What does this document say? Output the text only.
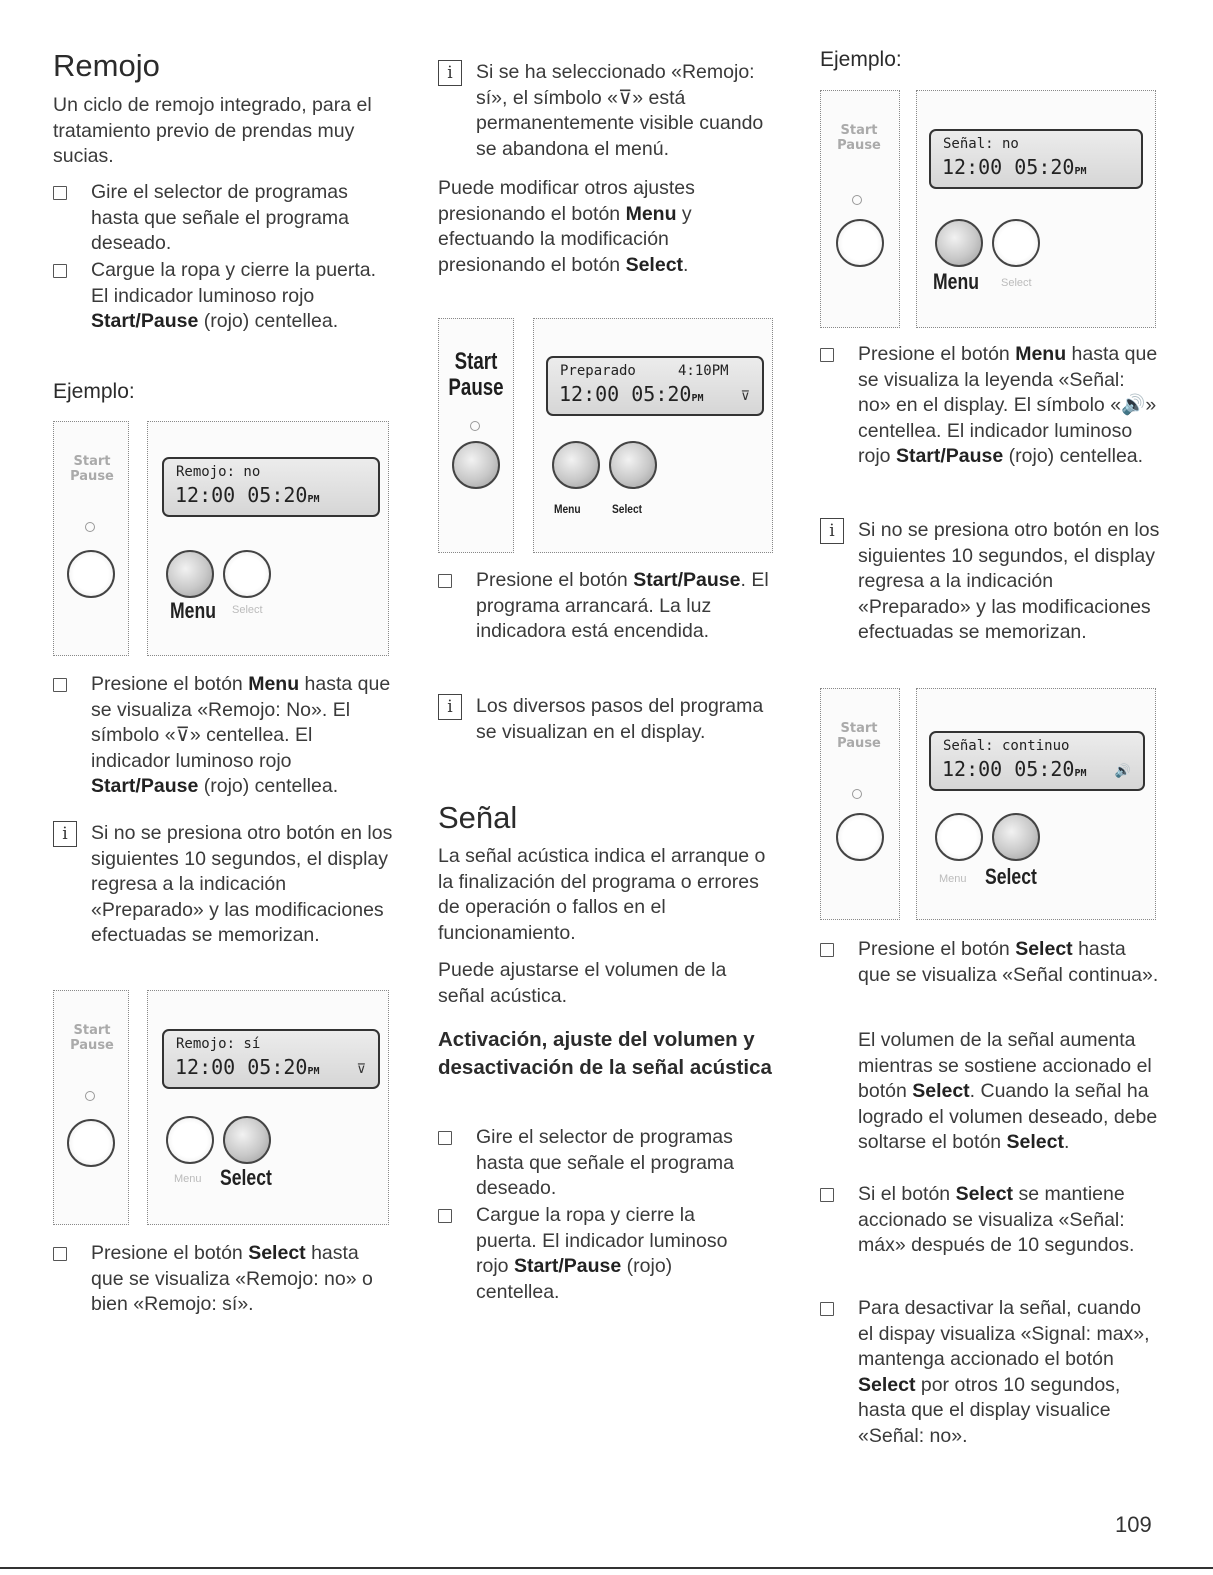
Remojo

Un ciclo de remojo integrado, para el tratamiento previo de prendas muy sucias.

Gire el selector de programas hasta que señale el programa deseado.
Cargue la ropa y cierre la puerta. El indicador luminoso rojo Start/Pause (rojo) centellea.
Ejemplo:
Start
Pause	Remojo: no
12:00 05:20PM
Menu Select
Presione el botón Menu hasta que se visualiza «Remojo: No». El símbolo «⊽» centellea. El indicador luminoso rojo Start/Pause (rojo) centellea.
i	Si no se presiona otro botón en los siguientes 10 segundos, el display regresa a la indicación «Preparado» y las modificaciones efectuadas se memorizan.
Start
Pause	Remojo: sí
12:00 05:20PM	⊽
Menu Select
Presione el botón Select hasta que se visualiza «Remojo: no» o bien «Remojo: sí».
i	Si se ha seleccionado «Remojo: sí», el símbolo «⊽» está permanentemente visible cuando se abandona el menú.

Puede modificar otros ajustes presionando el botón Menu y efectuando la modificación presionando el botón Select.

Start
Pause
Preparado     4:10PM
12:00 05:20PM	⊽
Menu	Select
Presione el botón Start/Pause. El programa arrancará. La luz indicadora está encendida.
i	Los diversos pasos del programa se visualizan en el display.
Señal

La señal acústica indica el arranque o la finalización del programa o errores de operación o fallos en el funcionamiento.

Puede ajustarse el volumen de la señal acústica.

Activación, ajuste del volumen y desactivación de la señal acústica
Gire el selector de programas hasta que señale el programa deseado.
Cargue la ropa y cierre la puerta. El indicador luminoso rojo Start/Pause (rojo) centellea.
Ejemplo:
Start
Pause	Señal: no
12:00 05:20PM
Menu Select
Presione el botón Menu hasta que se visualiza la leyenda «Señal: no» en el display. El símbolo «🔊» centellea. El indicador luminoso rojo Start/Pause (rojo) centellea.
i	Si no se presiona otro botón en los siguientes 10 segundos, el display regresa a la indicación «Preparado» y las modificaciones efectuadas se memorizan.
Start
Pause	Señal: continuo
12:00 05:20PM 🔊
Menu Select
Presione el botón Select hasta que se visualiza «Señal continua».

El volumen de la señal aumenta mientras se sostiene accionado el botón Select. Cuando la señal ha logrado el volumen deseado, debe soltarse el botón Select.

Si el botón Select se mantiene accionado se visualiza «Señal: máx» después de 10 segundos.
Para desactivar la señal, cuando el dispay visualiza «Signal: max», mantenga accionado el botón Select por otros 10 segundos, hasta que el display visualice «Señal: no».
109
